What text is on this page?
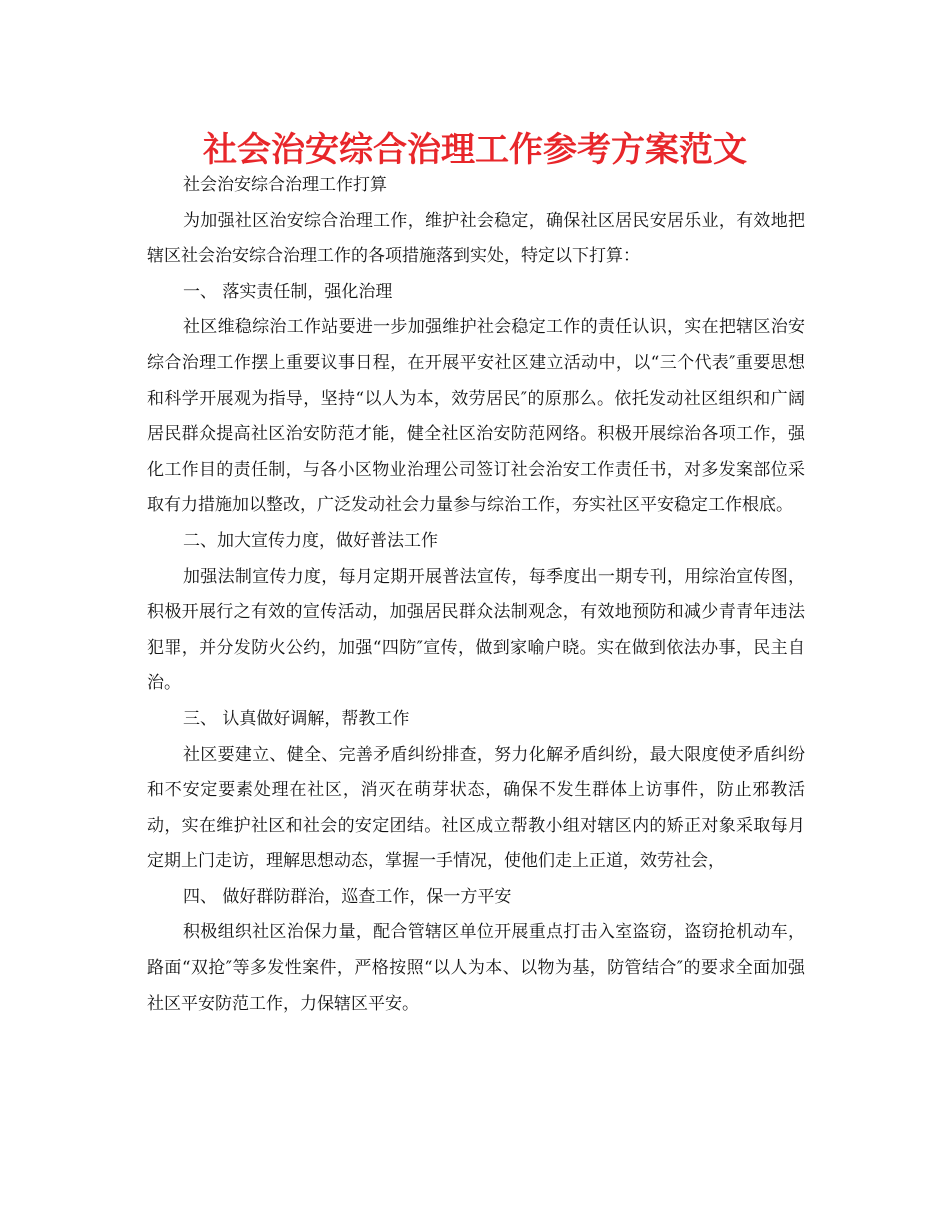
社会治安综合治理工作参考方案范文

社会治安综合治理工作打算

为加强社区治安综合治理工作，维护社会稳定，确保社区居民安居乐业，有效地把辖区社会治安综合治理工作的各项措施落到实处，特定以下打算：

一、 落实责任制，强化治理

社区维稳综治工作站要进一步加强维护社会稳定工作的责任认识，实在把辖区治安综合治理工作摆上重要议事日程，在开展平安社区建立活动中，以“三个代表″重要思想和科学开展观为指导，坚持“以人为本，效劳居民″的原那么。依托发动社区组织和广阔居民群众提高社区治安防范才能，健全社区治安防范网络。积极开展综治各项工作，强化工作目的责任制，与各小区物业治理公司签订社会治安工作责任书，对多发案部位采取有力措施加以整改，广泛发动社会力量参与综治工作，夯实社区平安稳定工作根底。

二、加大宣传力度，做好普法工作

加强法制宣传力度，每月定期开展普法宣传，每季度出一期专刊，用综治宣传图，积极开展行之有效的宣传活动，加强居民群众法制观念，有效地预防和减少青青年违法犯罪，并分发防火公约，加强“四防″宣传，做到家喻户晓。实在做到依法办事，民主自治。

三、 认真做好调解，帮教工作

社区要建立、健全、完善矛盾纠纷排查，努力化解矛盾纠纷，最大限度使矛盾纠纷和不安定要素处理在社区，消灭在萌芽状态，确保不发生群体上访事件，防止邪教活动，实在维护社区和社会的安定团结。社区成立帮教小组对辖区内的矫正对象采取每月定期上门走访，理解思想动态，掌握一手情况，使他们走上正道，效劳社会，

四、 做好群防群治，巡查工作，保一方平安

积极组织社区治保力量，配合管辖区单位开展重点打击入室盗窃，盗窃抢机动车，路面“双抢″等多发性案件，严格按照“以人为本、以物为基，防管结合″的要求全面加强社区平安防范工作，力保辖区平安。
